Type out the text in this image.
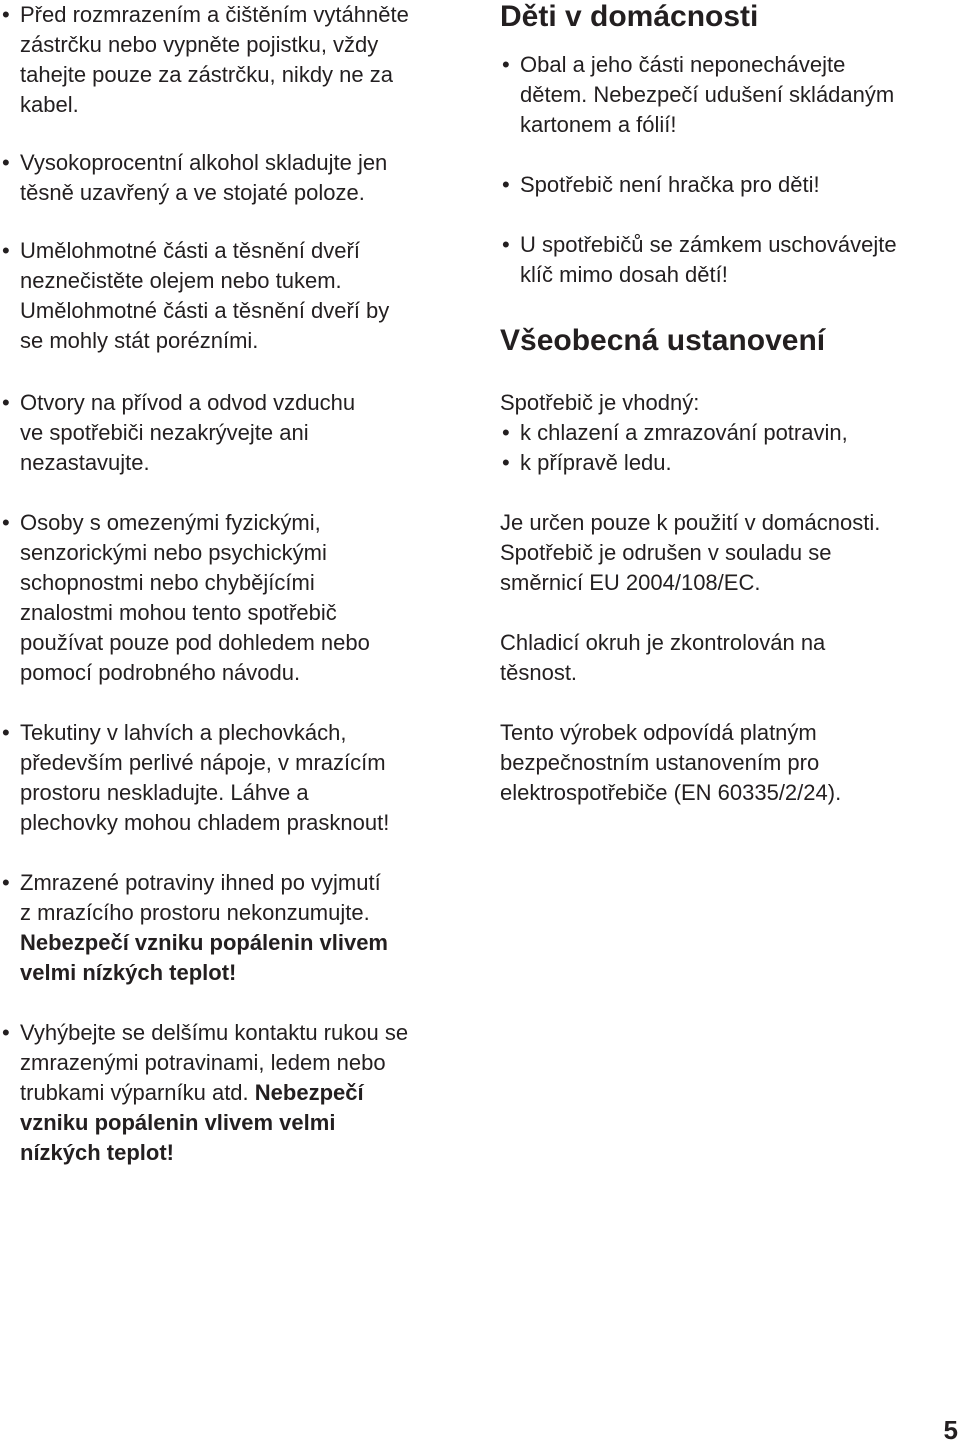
• Před rozmrazením a čištěním vytáhněte
zástrčku nebo vypněte pojistku, vždy
tahejte pouze za zástrčku, nikdy ne za
kabel.
• Vysokoprocentní alkohol skladujte jen
těsně uzavřený a ve stojaté poloze.
• Umělohmotné části a těsnění dveří
neznečistěte olejem nebo tukem.
Umělohmotné části a těsnění dveří by
se mohly stát porézními.
• Otvory na přívod a odvod vzduchu
ve spotřebiči nezakrývejte ani
nezastavujte.
• Osoby s omezenými fyzickými,
senzorickými nebo psychickými
schopnostmi nebo chybějícími
znalostmi mohou tento spotřebič
používat pouze pod dohledem nebo
pomocí podrobného návodu.
• Tekutiny v lahvích a plechovkách,
především perlivé nápoje, v mrazícím
prostoru neskladujte. Láhve a
plechovky mohou chladem prasknout!
• Zmrazené potraviny ihned po vyjmutí
z mrazícího prostoru nekonzumujte.
Nebezpečí vzniku popálenin vlivem
velmi nízkých teplot!
• Vyhýbejte se delšímu kontaktu rukou se
zmrazenými potravinami, ledem nebo
trubkami výparníku atd. Nebezpečí
vzniku popálenin vlivem velmi
nízkých teplot!
Děti v domácnosti
• Obal a jeho části neponechávejte
dětem. Nebezpečí udušení skládaným
kartonem a fólií!
• Spotřebič není hračka pro děti!
• U spotřebičů se zámkem uschovávejte
klíč mimo dosah dětí!
Všeobecná ustanovení
Spotřebič je vhodný:
• k chlazení a zmrazování potravin,
• k přípravě ledu.
Je určen pouze k použití v domácnosti.
Spotřebič je odrušen v souladu se
směrnicí EU 2004/108/EC.
Chladicí okruh je zkontrolován na
těsnost.
Tento výrobek odpovídá platným
bezpečnostním ustanovením pro
elektrospotřebiče (EN 60335/2/24).
5
